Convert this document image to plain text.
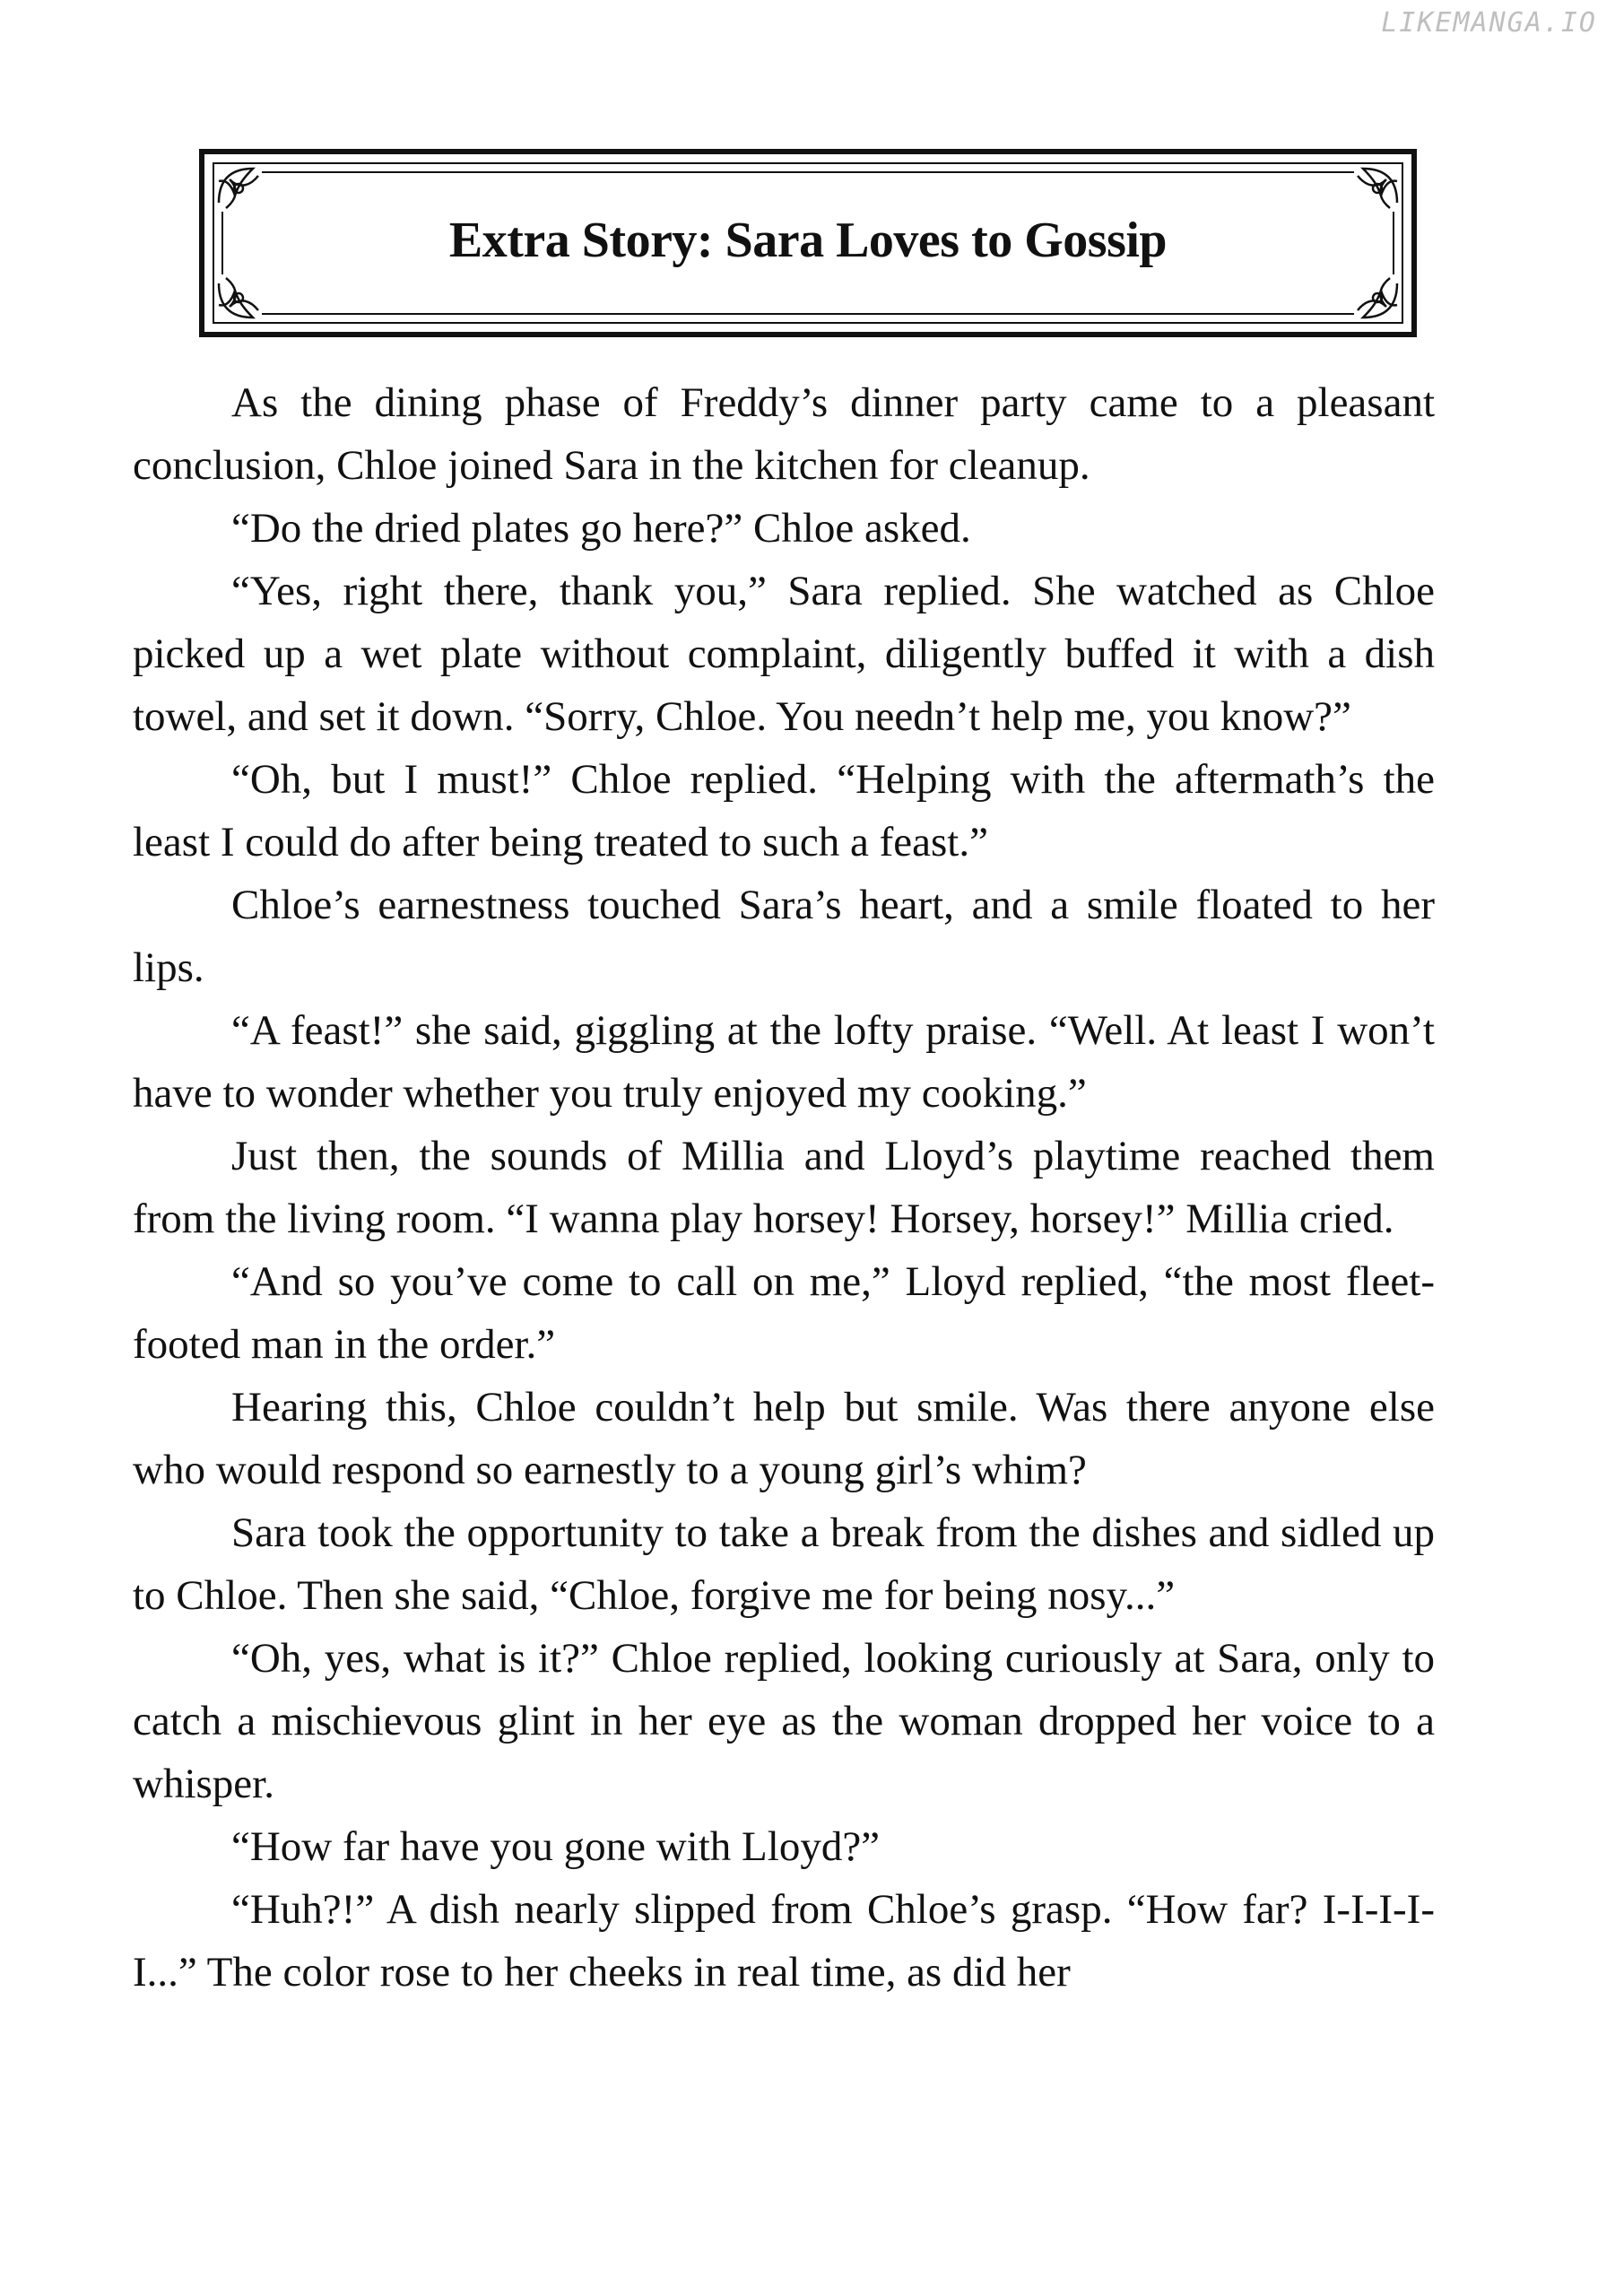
LIKEMANGA.IO
Extra Story: Sara Loves to Gossip

As the dining phase of Freddy’s dinner party came to a pleasant conclusion, Chloe joined Sara in the kitchen for cleanup.

“Do the dried plates go here?” Chloe asked.

“Yes, right there, thank you,” Sara replied. She watched as Chloe picked up a wet plate without complaint, diligently buffed it with a dish towel, and set it down. “Sorry, Chloe. You needn’t help me, you know?”

“Oh, but I must!” Chloe replied. “Helping with the aftermath’s the least I could do after being treated to such a feast.”

Chloe’s earnestness touched Sara’s heart, and a smile floated to her lips.

“A feast!” she said, giggling at the lofty praise. “Well. At least I won’t have to wonder whether you truly enjoyed my cooking.”

Just then, the sounds of Millia and Lloyd’s playtime reached them from the living room. “I wanna play horsey! Horsey, horsey!” Millia cried.

“And so you’ve come to call on me,” Lloyd replied, “the most fleet-footed man in the order.”

Hearing this, Chloe couldn’t help but smile. Was there anyone else who would respond so earnestly to a young girl’s whim?

Sara took the opportunity to take a break from the dishes and sidled up to Chloe. Then she said, “Chloe, forgive me for being nosy...”

“Oh, yes, what is it?” Chloe replied, looking curiously at Sara, only to catch a mischievous glint in her eye as the woman dropped her voice to a whisper.

“How far have you gone with Lloyd?”

“Huh?!” A dish nearly slipped from Chloe’s grasp. “How far? I-I-I-I-I...” The color rose to her cheeks in real time, as did her
